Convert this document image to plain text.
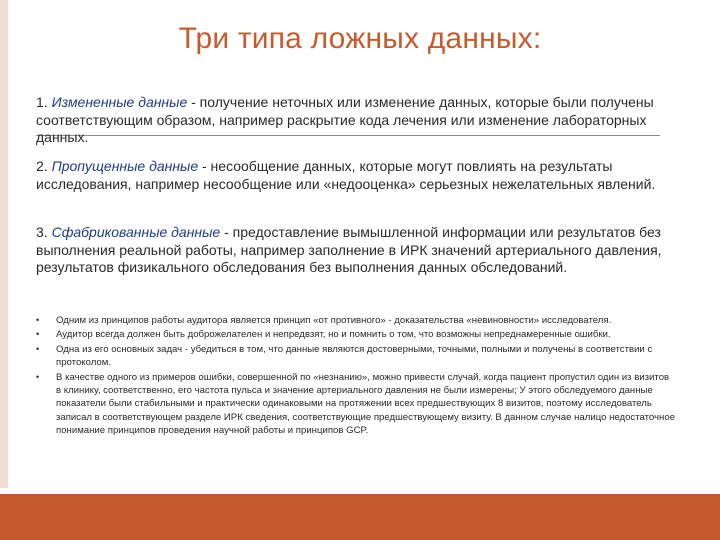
Три типа ложных данных:
1. Измененные данные - получение неточных или изменение данных, которые были получены соответствующим образом, например раскрытие кода лечения или изменение лабораторных данных.
2. Пропущенные данные - несообщение данных, которые могут повлиять на результаты исследования, например несообщение или «недооценка» серьезных нежелательных явлений.
3. Сфабрикованные данные - предоставление вымышленной информации или результатов без выполнения реальной работы, например заполнение в ИРК значений артериального давления, результатов физикального обследования без выполнения данных обследований.
•	Одним из принципов работы аудитора является принцип «от противного» - доказательства «невиновности» исследователя.
•	Аудитор всегда должен быть доброжелателен и непредвзят, но и помнить о том, что возможны непреднамеренные ошибки.
•	Одна из его основных задач - убедиться в том, что данные являются достоверными, точными, полными и получены в соответствии с протоколом.
•	В качестве одного из примеров ошибки, совершенной по «незнанию», можно привести случай, когда пациент пропустил один из визитов в клинику, соответственно, его частота пульса и значение артериального давления не были измерены; У этого обследуемого данные показатели были стабильными и практически одинаковыми на протяжении всех предшествующих 8 визитов, поэтому исследователь записал в соответствующем разделе ИРК сведения, соответствующие предшествующему визиту. В данном случае налицо недостаточное понимание принципов проведения научной работы и принципов GCP.
